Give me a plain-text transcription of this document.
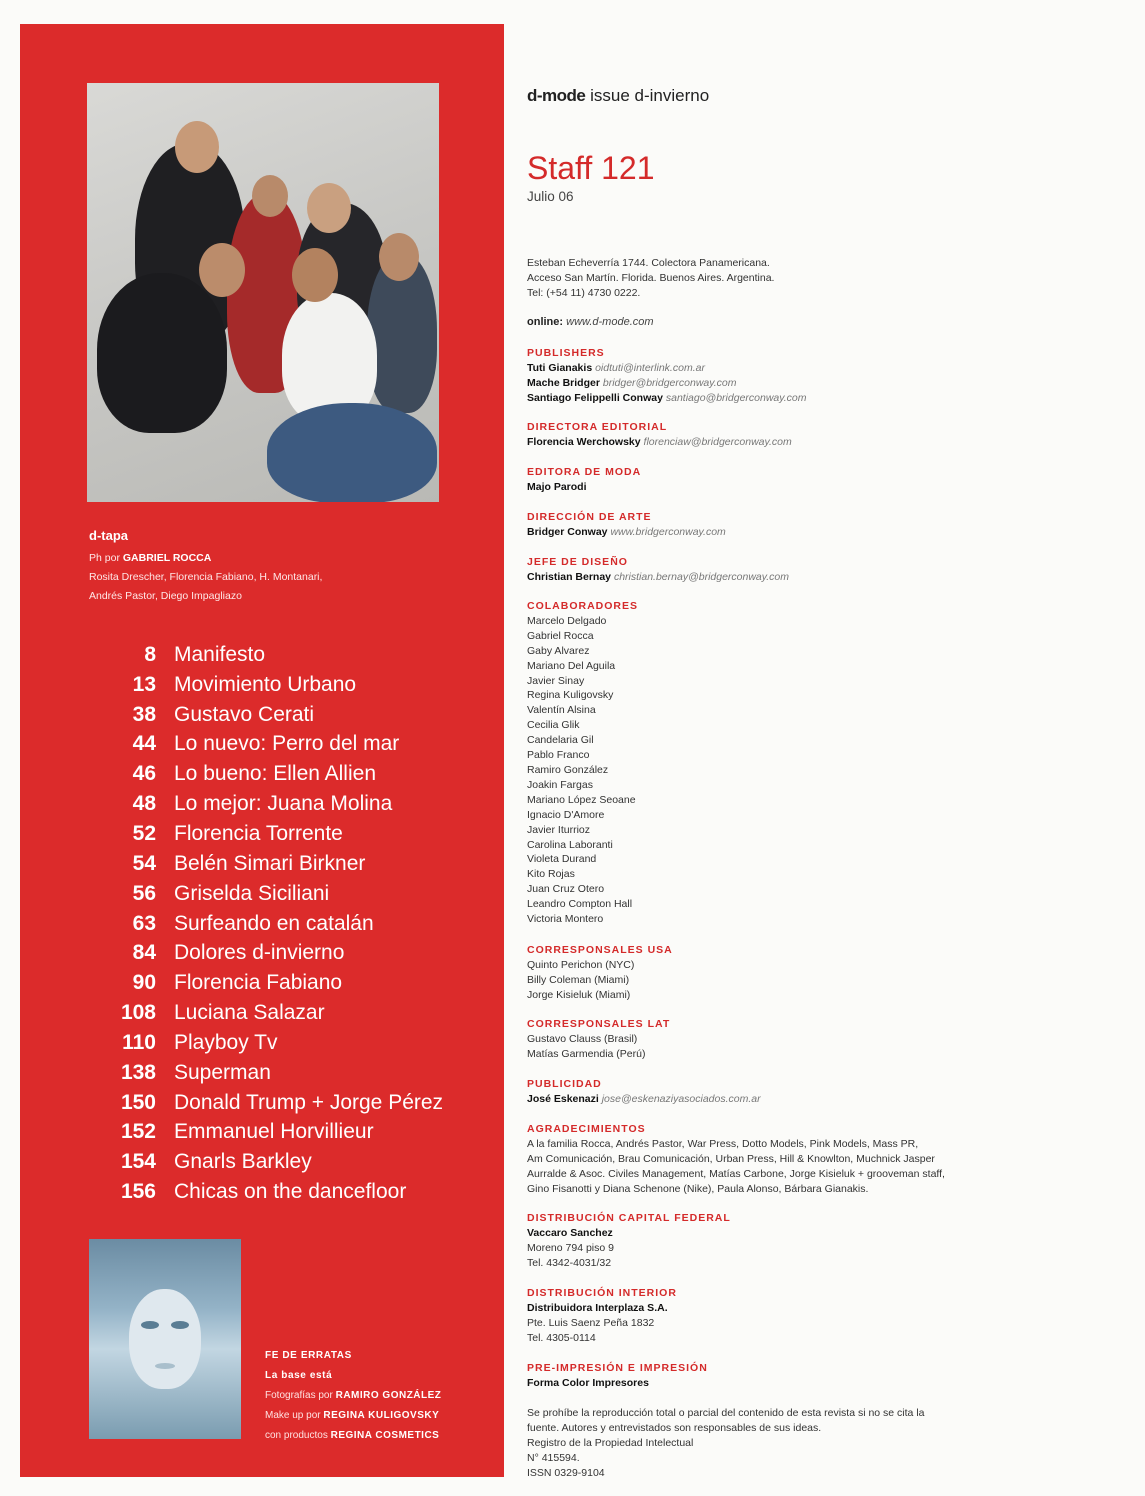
d-tapa
Ph por GABRIEL ROCCA
Rosita Drescher, Florencia Fabiano, H. Montanari,
Andrés Pastor, Diego Impagliazo
8 Manifesto
13 Movimiento Urbano
38 Gustavo Cerati
44 Lo nuevo: Perro del mar
46 Lo bueno: Ellen Allien
48 Lo mejor: Juana Molina
52 Florencia Torrente
54 Belén Simari Birkner
56 Griselda Siciliani
63 Surfeando en catalán
84 Dolores d-invierno
90 Florencia Fabiano
108 Luciana Salazar
110 Playboy Tv
138 Superman
150 Donald Trump + Jorge Pérez
152 Emmanuel Horvillieur
154 Gnarls Barkley
156 Chicas on the dancefloor
FE DE ERRATAS
La base está
Fotografías por RAMIRO GONZÁLEZ
Make up por REGINA KULIGOVSKY
con productos REGINA COSMETICS
d-mode issue d-invierno
Staff 121
Julio 06
Esteban Echeverría 1744. Colectora Panamericana.
Acceso San Martín. Florida. Buenos Aires. Argentina.
Tel: (+54 11) 4730 0222.
online: www.d-mode.com
PUBLISHERS
Tuti Gianakis oidtuti@interlink.com.ar
Mache Bridger bridger@bridgerconway.com
Santiago Felippelli Conway santiago@bridgerconway.com
DIRECTORA EDITORIAL
Florencia Werchowsky florenciaw@bridgerconway.com
EDITORA DE MODA
Majo Parodi
DIRECCIÓN DE ARTE
Bridger Conway www.bridgerconway.com
JEFE DE DISEÑO
Christian Bernay christian.bernay@bridgerconway.com
COLABORADORES
Marcelo Delgado
Gabriel Rocca
Gaby Alvarez
Mariano Del Aguila
Javier Sinay
Regina Kuligovsky
Valentín Alsina
Cecilia Glik
Candelaria Gil
Pablo Franco
Ramiro González
Joakin Fargas
Mariano López Seoane
Ignacio D'Amore
Javier Iturrioz
Carolina Laboranti
Violeta Durand
Kito Rojas
Juan Cruz Otero
Leandro Compton Hall
Victoria Montero
CORRESPONSALES USA
Quinto Perichon (NYC)
Billy Coleman (Miami)
Jorge Kisieluk (Miami)
CORRESPONSALES LAT
Gustavo Clauss (Brasil)
Matías Garmendia (Perú)
PUBLICIDAD
José Eskenazi jose@eskenaziyasociados.com.ar
AGRADECIMIENTOS
A la familia Rocca, Andrés Pastor, War Press, Dotto Models, Pink Models, Mass PR,
Am Comunicación, Brau Comunicación, Urban Press, Hill & Knowlton, Muchnick Jasper
Aurralde & Asoc. Civiles Management, Matías Carbone, Jorge Kisieluk + grooveman staff,
Gino Fisanotti y Diana Schenone (Nike), Paula Alonso, Bárbara Gianakis.
DISTRIBUCIÓN CAPITAL FEDERAL
Vaccaro Sanchez
Moreno 794 piso 9
Tel. 4342-4031/32
DISTRIBUCIÓN INTERIOR
Distribuidora Interplaza S.A.
Pte. Luis Saenz Peña 1832
Tel. 4305-0114
PRE-IMPRESIÓN E IMPRESIÓN
Forma Color Impresores
Se prohíbe la reproducción total o parcial del contenido de esta revista si no se cita la
fuente. Autores y entrevistados son responsables de sus ideas.
Registro de la Propiedad Intelectual
N° 415594.
ISSN 0329-9104
